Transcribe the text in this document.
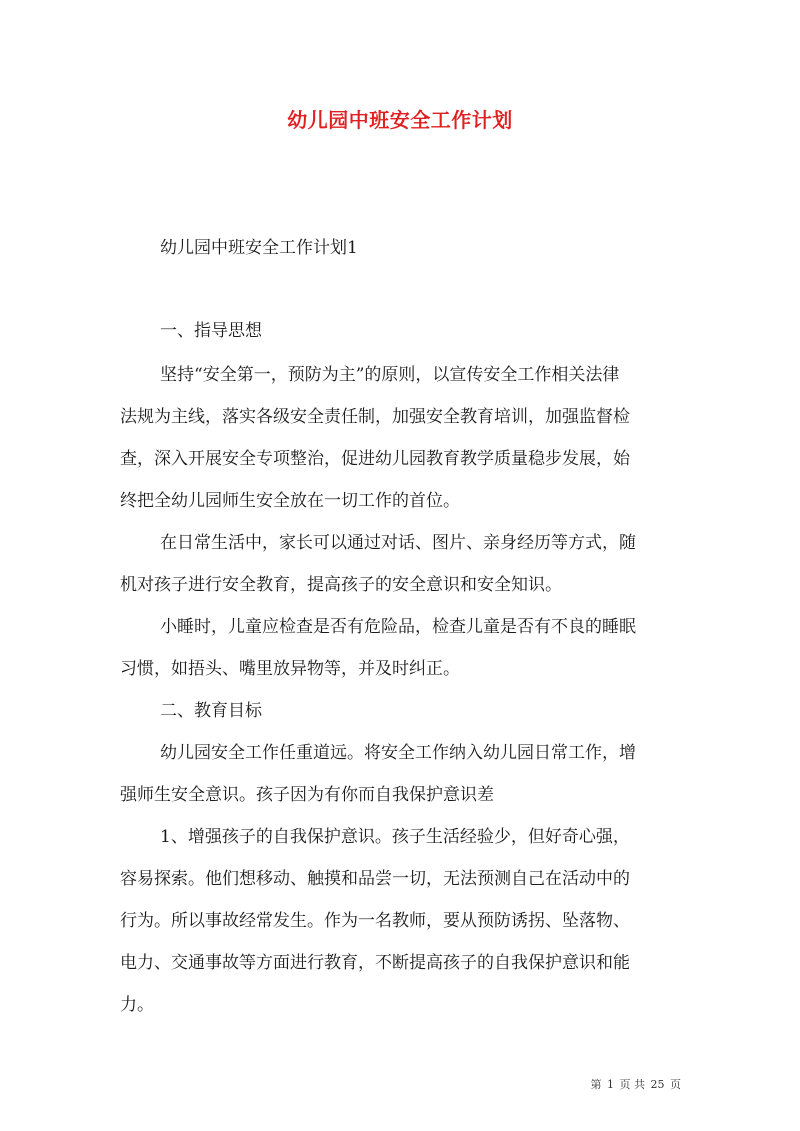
幼儿园中班安全工作计划
幼儿园中班安全工作计划1
一、指导思想
坚持“安全第一，预防为主”的原则，以宣传安全工作相关法律
法规为主线，落实各级安全责任制，加强安全教育培训，加强监督检
查，深入开展安全专项整治，促进幼儿园教育教学质量稳步发展，始
终把全幼儿园师生安全放在一切工作的首位。
在日常生活中，家长可以通过对话、图片、亲身经历等方式，随
机对孩子进行安全教育，提高孩子的安全意识和安全知识。
小睡时，儿童应检查是否有危险品，检查儿童是否有不良的睡眠
习惯，如捂头、嘴里放异物等，并及时纠正。
二、教育目标
幼儿园安全工作任重道远。将安全工作纳入幼儿园日常工作，增
强师生安全意识。孩子因为有你而自我保护意识差
1、增强孩子的自我保护意识。孩子生活经验少，但好奇心强，
容易探索。他们想移动、触摸和品尝一切，无法预测自己在活动中的
行为。所以事故经常发生。作为一名教师，要从预防诱拐、坠落物、
电力、交通事故等方面进行教育，不断提高孩子的自我保护意识和能
力。
第 1 页 共 25 页
